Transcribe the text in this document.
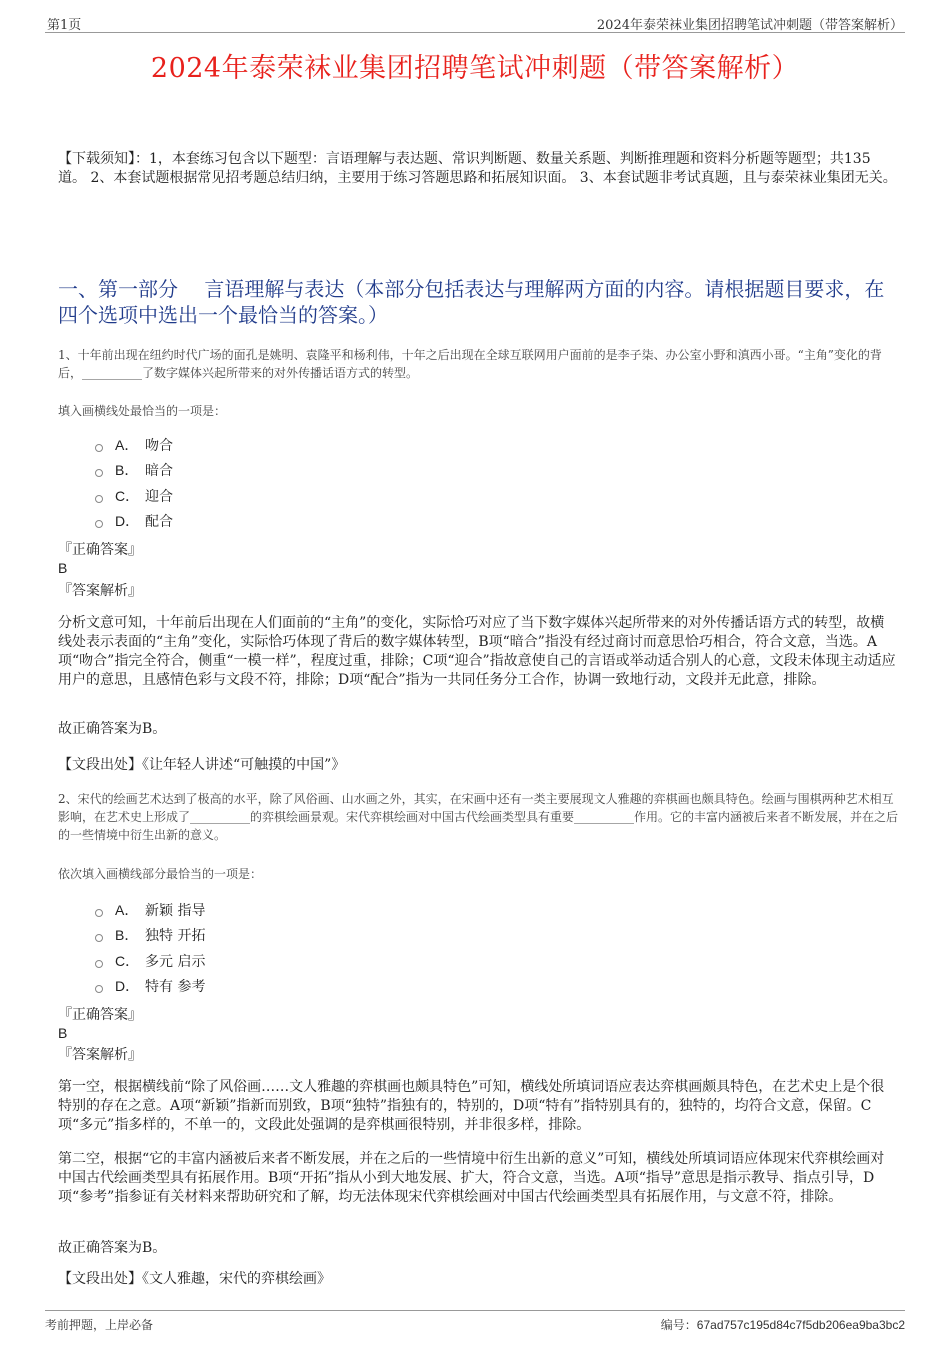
第1页	2024年泰荣袜业集团招聘笔试冲刺题（带答案解析）
2024年泰荣袜业集团招聘笔试冲刺题（带答案解析）
【下载须知】：1，本套练习包含以下题型：言语理解与表达题、常识判断题、数量关系题、判断推理题和资料分析题等题型；共135道。 2、本套试题根据常见招考题总结归纳，主要用于练习答题思路和拓展知识面。 3、本套试题非考试真题，且与泰荣袜业集团无关。
一、第一部分　 言语理解与表达（本部分包括表达与理解两方面的内容。请根据题目要求，在四个选项中选出一个最恰当的答案。）
1、十年前出现在纽约时代广场的面孔是姚明、袁隆平和杨利伟，十年之后出现在全球互联网用户面前的是李子柒、办公室小野和滇西小哥。“主角”变化的背后，__________了数字媒体兴起所带来的对外传播话语方式的转型。
填入画横线处最恰当的一项是：
A． 吻合
B． 暗合
C． 迎合
D． 配合
『正确答案』
B
『答案解析』
分析文意可知，十年前后出现在人们面前的“主角”的变化，实际恰巧对应了当下数字媒体兴起所带来的对外传播话语方式的转型，故横线处表示表面的“主角”变化，实际恰巧体现了背后的数字媒体转型，B项“暗合”指没有经过商讨而意思恰巧相合，符合文意，当选。A项“吻合”指完全符合，侧重“一模一样”，程度过重，排除；C项“迎合”指故意使自己的言语或举动适合别人的心意，文段未体现主动适应用户的意思，且感情色彩与文段不符，排除；D项“配合”指为一共同任务分工合作，协调一致地行动，文段并无此意，排除。
故正确答案为B。
【文段出处】《让年轻人讲述“可触摸的中国”》
2、宋代的绘画艺术达到了极高的水平，除了风俗画、山水画之外，其实，在宋画中还有一类主要展现文人雅趣的弈棋画也颇具特色。绘画与围棋两种艺术相互影响，在艺术史上形成了__________的弈棋绘画景观。宋代弈棋绘画对中国古代绘画类型具有重要__________作用。它的丰富内涵被后来者不断发展，并在之后的一些情境中衍生出新的意义。
依次填入画横线部分最恰当的一项是：
A． 新颖 指导
B． 独特 开拓
C． 多元 启示
D． 特有 参考
『正确答案』
B
『答案解析』
第一空，根据横线前“除了风俗画……文人雅趣的弈棋画也颇具特色”可知，横线处所填词语应表达弈棋画颇具特色，在艺术史上是个很特别的存在之意。A项“新颖”指新而别致，B项“独特”指独有的，特别的，D项“特有”指特别具有的，独特的，均符合文意，保留。C项“多元”指多样的，不单一的，文段此处强调的是弈棋画很特别，并非很多样，排除。
第二空，根据“它的丰富内涵被后来者不断发展，并在之后的一些情境中衍生出新的意义”可知，横线处所填词语应体现宋代弈棋绘画对中国古代绘画类型具有拓展作用。B项“开拓”指从小到大地发展、扩大，符合文意，当选。A项“指导”意思是指示教导、指点引导，D项“参考”指参证有关材料来帮助研究和了解，均无法体现宋代弈棋绘画对中国古代绘画类型具有拓展作用，与文意不符，排除。
故正确答案为B。
【文段出处】《文人雅趣，宋代的弈棋绘画》
考前押题，上岸必备	编号：67ad757c195d84c7f5db206ea9ba3bc2
